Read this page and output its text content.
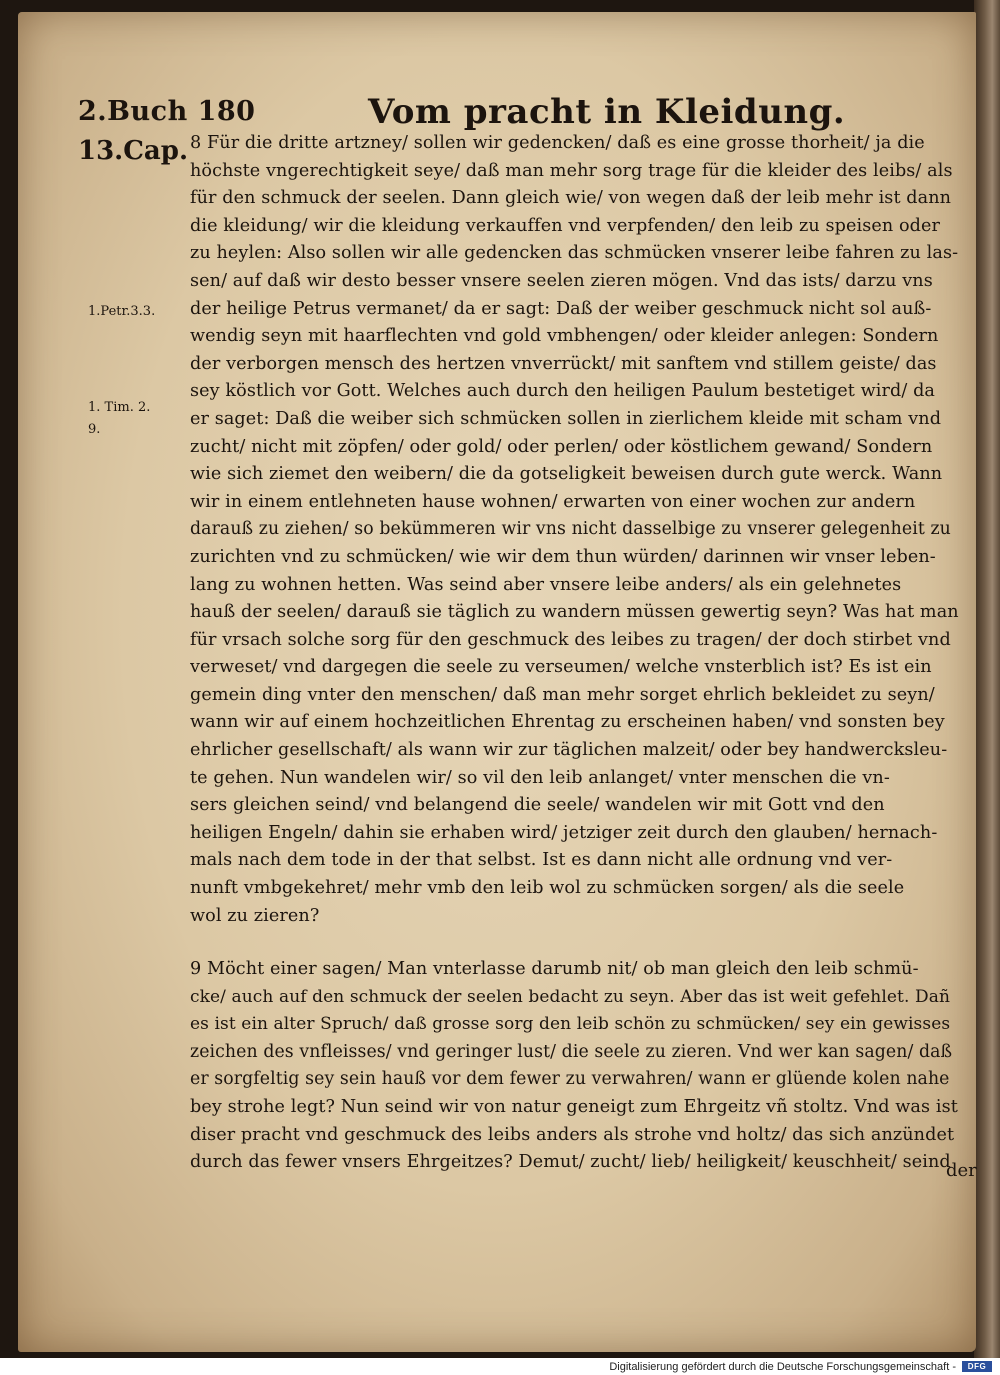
2.Buch 180
13.Cap.
Vom pracht in Kleidung.
1.Petr.3.3.
1. Tim. 2.
9.
8 Für die dritte artzney/ sollen wir gedencken/ daß es eine grosse thorheit/ ja die
höchste vngerechtigkeit seye/ daß man mehr sorg trage für die kleider des leibs/ als
für den schmuck der seelen. Dann gleich wie/ von wegen daß der leib mehr ist dann
die kleidung/ wir die kleidung verkauffen vnd verpfenden/ den leib zu speisen oder
zu heylen: Also sollen wir alle gedencken das schmücken vnserer leibe fahren zu las-
sen/ auf daß wir desto besser vnsere seelen zieren mögen. Vnd das ists/ darzu vns
der heilige Petrus vermanet/ da er sagt: Daß der weiber geschmuck nicht sol auß-
wendig seyn mit haarflechten vnd gold vmbhengen/ oder kleider anlegen: Sondern
der verborgen mensch des hertzen vnverrückt/ mit sanftem vnd stillem geiste/ das
sey köstlich vor Gott. Welches auch durch den heiligen Paulum bestetiget wird/ da
er saget: Daß die weiber sich schmücken sollen in zierlichem kleide mit scham vnd
zucht/ nicht mit zöpfen/ oder gold/ oder perlen/ oder köstlichem gewand/ Sondern
wie sich ziemet den weibern/ die da gotseligkeit beweisen durch gute werck. Wann
wir in einem entlehneten hause wohnen/ erwarten von einer wochen zur andern
darauß zu ziehen/ so bekümmeren wir vns nicht dasselbige zu vnserer gelegenheit zu
zurichten vnd zu schmücken/ wie wir dem thun würden/ darinnen wir vnser leben-
lang zu wohnen hetten. Was seind aber vnsere leibe anders/ als ein gelehnetes
hauß der seelen/ darauß sie täglich zu wandern müssen gewertig seyn? Was hat man
für vrsach solche sorg für den geschmuck des leibes zu tragen/ der doch stirbet vnd
verweset/ vnd dargegen die seele zu verseumen/ welche vnsterblich ist? Es ist ein
gemein ding vnter den menschen/ daß man mehr sorget ehrlich bekleidet zu seyn/
wann wir auf einem hochzeitlichen Ehrentag zu erscheinen haben/ vnd sonsten bey
ehrlicher gesellschaft/ als wann wir zur täglichen malzeit/ oder bey handwercksleu-
te gehen. Nun wandelen wir/ so vil den leib anlanget/ vnter menschen die vn-
sers gleichen seind/ vnd belangend die seele/ wandelen wir mit Gott vnd den
heiligen Engeln/ dahin sie erhaben wird/ jetziger zeit durch den glauben/ hernach-
mals nach dem tode in der that selbst. Ist es dann nicht alle ordnung vnd ver-
nunft vmbgekehret/ mehr vmb den leib wol zu schmücken sorgen/ als die seele
wol zu zieren?
9 Möcht einer sagen/ Man vnterlasse darumb nit/ ob man gleich den leib schmü-
cke/ auch auf den schmuck der seelen bedacht zu seyn. Aber das ist weit gefehlet. Dañ
es ist ein alter Spruch/ daß grosse sorg den leib schön zu schmücken/ sey ein gewisses
zeichen des vnfleisses/ vnd geringer lust/ die seele zu zieren. Vnd wer kan sagen/ daß
er sorgfeltig sey sein hauß vor dem fewer zu verwahren/ wann er glüende kolen nahe
bey strohe legt? Nun seind wir von natur geneigt zum Ehrgeitz vñ stoltz. Vnd was ist
diser pracht vnd geschmuck des leibs anders als strohe vnd holtz/ das sich anzündet
durch das fewer vnsers Ehrgeitzes? Demut/ zucht/ lieb/ heiligkeit/ keuschheit/ seind
der
Digitalisierung gefördert durch die Deutsche Forschungsgemeinschaft -	DFG
